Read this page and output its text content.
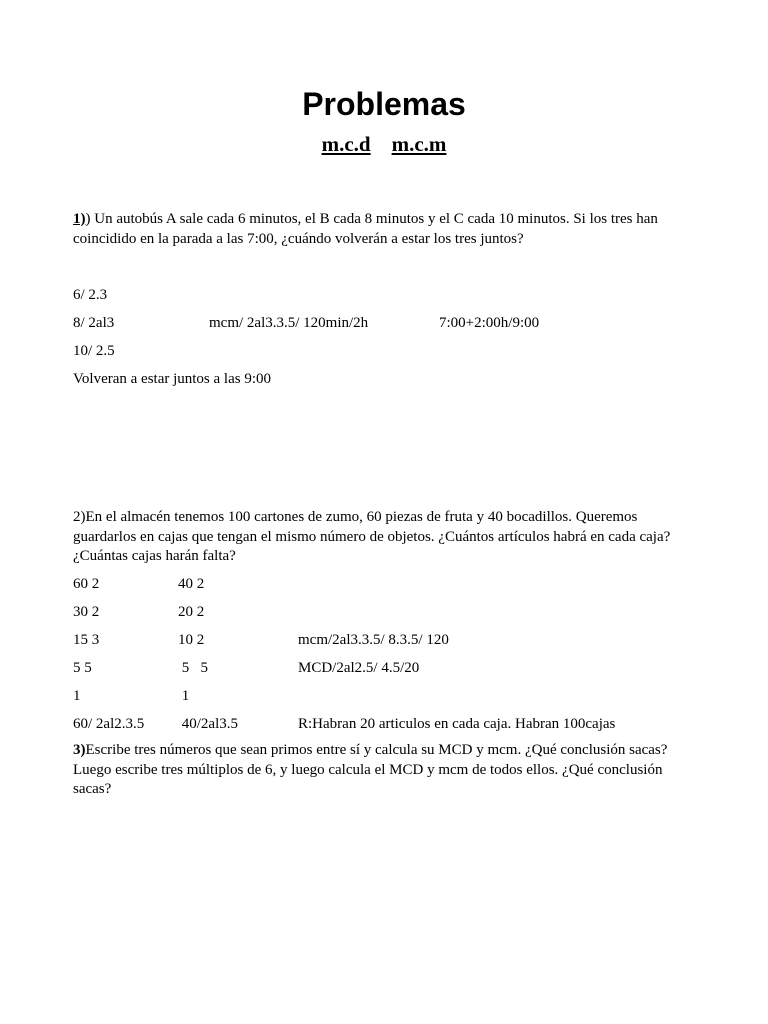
Problemas
m.c.d m.c.m
1)) Un autobús A sale cada 6 minutos, el B cada 8 minutos y el C cada 10 minutos. Si los tres han coincidido en la parada a las 7:00, ¿cuándo volverán a estar los tres juntos?
6/ 2.3
8/ 2al3	mcm/ 2al3.3.5/ 120min/2h	7:00+2:00h/9:00
10/ 2.5
Volveran a estar juntos a las 9:00
2)En el almacén tenemos 100 cartones de zumo, 60 piezas de fruta y 40 bocadillos. Queremos guardarlos en cajas que tengan el mismo número de objetos. ¿Cuántos artículos habrá en cada caja? ¿Cuántas cajas harán falta?
60 2	40 2
30 2	20 2
15 3	10 2	mcm/2al3.3.5/ 8.3.5/ 120
5 5	5   5	MCD/2al2.5/ 4.5/20
1	1
60/ 2al2.3.5 40/2al3.5	R:Habran 20 articulos en cada caja. Habran 100cajas
3)Escribe tres números que sean primos entre sí y calcula su MCD y mcm. ¿Qué conclusión sacas? Luego escribe tres múltiplos de 6, y luego calcula el MCD y mcm de todos ellos. ¿Qué conclusión sacas?
